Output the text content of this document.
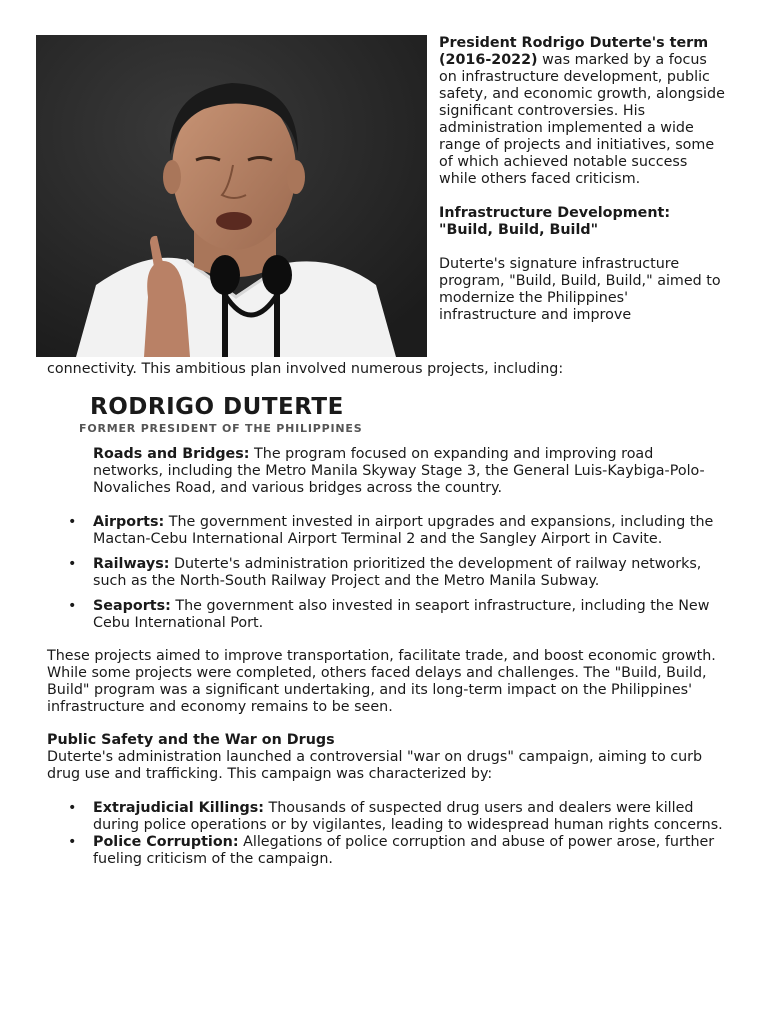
President Rodrigo Duterte's term (2016-2022) was marked by a focus on infrastructure development, public safety, and economic growth, alongside significant controversies. His administration implemented a wide range of projects and initiatives, some of which achieved notable success while others faced criticism.

Infrastructure Development: "Build, Build, Build"

Duterte's signature infrastructure program, "Build, Build, Build," aimed to modernize the Philippines' infrastructure and improve

connectivity. This ambitious plan involved numerous projects, including:

RODRIGO DUTERTE
FORMER PRESIDENT OF THE PHILIPPINES

Roads and Bridges: The program focused on expanding and improving road networks, including the Metro Manila Skyway Stage 3, the General Luis-Kaybiga-Polo-Novaliches Road, and various bridges across the country.

• Airports: The government invested in airport upgrades and expansions, including the Mactan-Cebu International Airport Terminal 2 and the Sangley Airport in Cavite.
• Railways: Duterte's administration prioritized the development of railway networks, such as the North-South Railway Project and the Metro Manila Subway.
• Seaports: The government also invested in seaport infrastructure, including the New Cebu International Port.

These projects aimed to improve transportation, facilitate trade, and boost economic growth. While some projects were completed, others faced delays and challenges. The "Build, Build, Build" program was a significant undertaking, and its long-term impact on the Philippines' infrastructure and economy remains to be seen.

Public Safety and the War on Drugs

Duterte's administration launched a controversial "war on drugs" campaign, aiming to curb drug use and trafficking. This campaign was characterized by:

• Extrajudicial Killings: Thousands of suspected drug users and dealers were killed during police operations or by vigilantes, leading to widespread human rights concerns.
• Police Corruption: Allegations of police corruption and abuse of power arose, further fueling criticism of the campaign.
